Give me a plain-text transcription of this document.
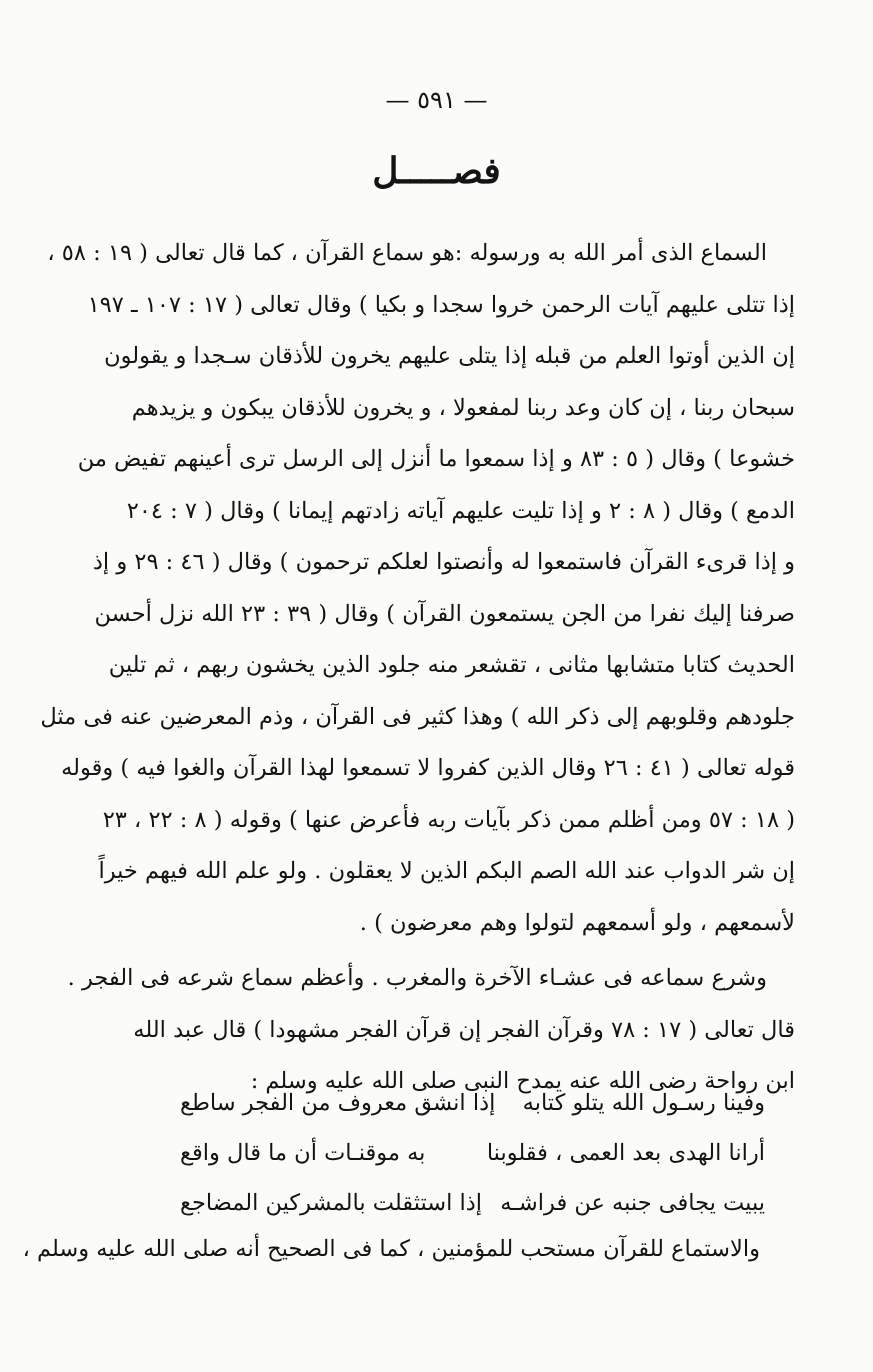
— ٥٩١ —
فصـــــل
السماع الذى أمر الله به ورسوله :هو سماع القرآن ، كما قال تعالى ( ١٩ : ٥٨ ،
إذا تتلى عليهم آيات الرحمن خروا سجدا و بكيا ) وقال تعالى ( ١٧ : ١٠٧ ـ ١٩٧
إن الذين أوتوا العلم من قبله إذا يتلى عليهم يخرون للأذقان سـجدا و يقولون
سبحان ربنا ، إن كان وعد ربنا لمفعولا ، و يخرون للأذقان يبكون و يزيدهم
خشوعا ) وقال ( ٥ : ٨٣ و إذا سمعوا ما أنزل إلى الرسل ترى أعينهم تفيض من
الدمع ) وقال ( ٨ : ٢ و إذا تليت عليهم آياته زادتهم إيمانا ) وقال ( ٧ : ٢٠٤
و إذا قرىء القرآن فاستمعوا له وأنصتوا لعلكم ترحمون ) وقال ( ٤٦ : ٢٩ و إذ
صرفنا إليك نفرا من الجن يستمعون القرآن ) وقال ( ٣٩ : ٢٣ الله نزل أحسن
الحديث كتابا متشابها مثانى ، تقشعر منه جلود الذين يخشون ربهم ، ثم تلين
جلودهم وقلوبهم إلى ذكر الله ) وهذا كثير فى القرآن ، وذم المعرضين عنه فى مثل
قوله تعالى ( ٤١ : ٢٦ وقال الذين كفروا لا تسمعوا لهذا القرآن والغوا فيه ) وقوله
( ١٨ : ٥٧ ومن أظلم ممن ذكر بآيات ربه فأعرض عنها ) وقوله ( ٨ : ٢٢ ، ٢٣
إن شر الدواب عند الله الصم البكم الذين لا يعقلون . ولو علم الله فيهم خيراً
لأسمعهم ، ولو أسمعهم لتولوا وهم معرضون ) .
وشرع سماعه فى عشـاء الآخرة والمغرب . وأعظم سماع شرعه فى الفجر .
قال تعالى ( ١٧ : ٧٨ وقرآن الفجر إن قرآن الفجر مشهودا ) قال عبد الله
ابن رواحة رضى الله عنه يمدح النبى صلى الله عليه وسلم :
وفينا رسـول الله يتلو كتابه
إذا انشق معروف من الفجر ساطع
أرانا الهدى بعد العمى ، فقلوبنا
به موقنـات أن ما قال واقع
يبيت يجافى جنبه عن فراشـه
إذا استثقلت بالمشركين المضاجع
والاستماع للقرآن مستحب للمؤمنين ، كما فى الصحيح أنه صلى الله عليه وسلم ،
